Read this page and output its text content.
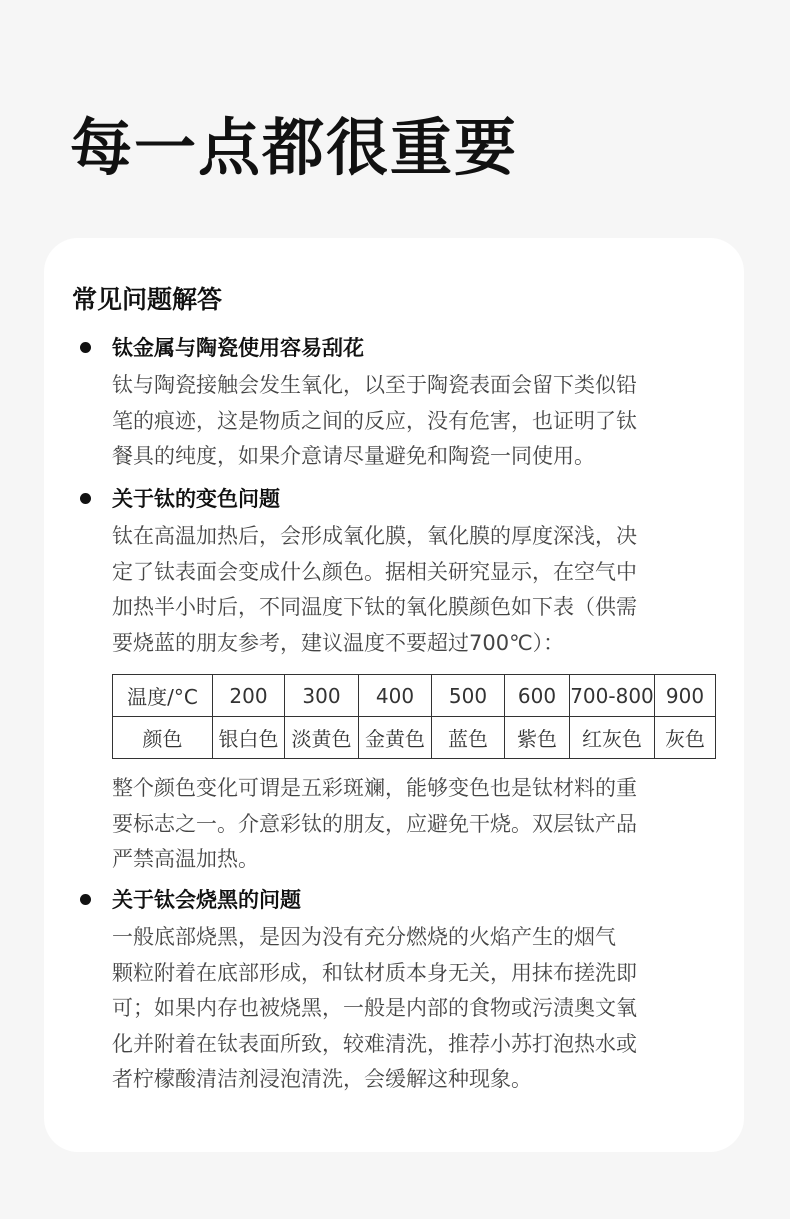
每一点都很重要
常见问题解答
钛金属与陶瓷使用容易刮花
钛与陶瓷接触会发生氧化，以至于陶瓷表面会留下类似铅
笔的痕迹，这是物质之间的反应，没有危害，也证明了钛
餐具的纯度，如果介意请尽量避免和陶瓷一同使用。
关于钛的变色问题
钛在高温加热后，会形成氧化膜，氧化膜的厚度深浅，决
定了钛表面会变成什么颜色。据相关研究显示，在空气中
加热半小时后，不同温度下钛的氧化膜颜色如下表（供需
要烧蓝的朋友参考，建议温度不要超过700℃）：
温度/°C	200	300	400	500	600	700-800	900
颜色	银白色	淡黄色	金黄色	蓝色	紫色	红灰色	灰色
整个颜色变化可谓是五彩斑斓，能够变色也是钛材料的重
要标志之一。介意彩钛的朋友，应避免干烧。双层钛产品
严禁高温加热。
关于钛会烧黑的问题
一般底部烧黑，是因为没有充分燃烧的火焰产生的烟气
颗粒附着在底部形成，和钛材质本身无关，用抹布搓洗即
可；如果内存也被烧黑，一般是内部的食物或污渍奥文氧
化并附着在钛表面所致，较难清洗，推荐小苏打泡热水或
者柠檬酸清洁剂浸泡清洗，会缓解这种现象。
